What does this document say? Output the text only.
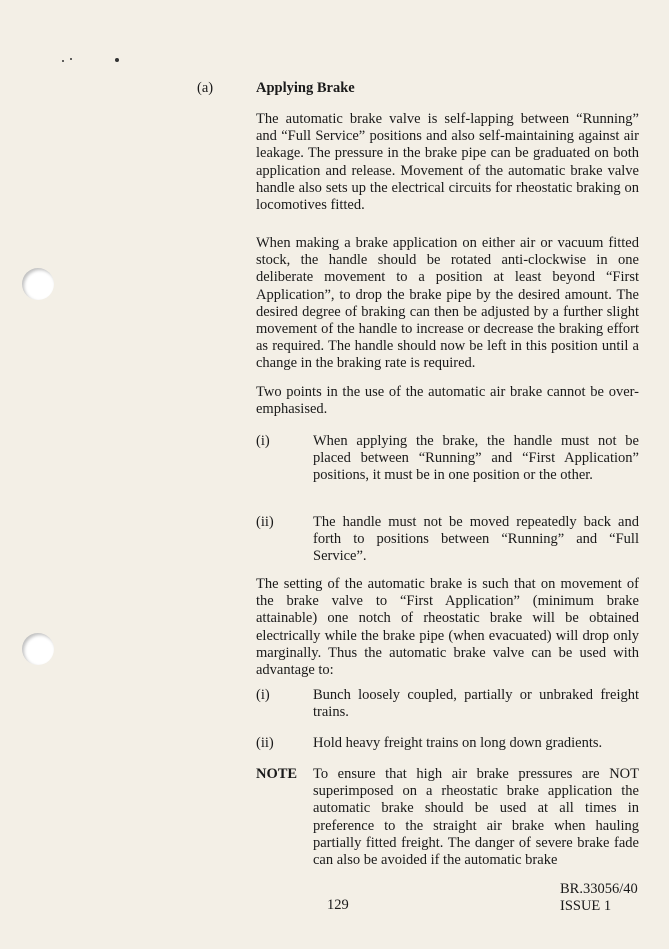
(a)	Applying Brake
The automatic brake valve is self-lapping between “Running” and “Full Service” positions and also self-maintaining against air leakage. The pressure in the brake pipe can be graduated on both application and release. Movement of the automatic brake valve handle also sets up the electrical circuits for rheostatic braking on locomotives fitted.
When making a brake application on either air or vacuum fitted stock, the handle should be rotated anti-clockwise in one deliberate movement to a position at least beyond “First Application”, to drop the brake pipe by the desired amount. The desired degree of braking can then be adjusted by a further slight movement of the handle to increase or decrease the braking effort as required. The handle should now be left in this position until a change in the braking rate is required.
Two points in the use of the automatic air brake cannot be over-emphasised.
(i)	When applying the brake, the handle must not be placed between “Running” and “First Application” positions, it must be in one position or the other.
(ii)	The handle must not be moved repeatedly back and forth to positions between “Running” and “Full Service”.
The setting of the automatic brake is such that on movement of the brake valve to “First Application” (minimum brake attainable) one notch of rheostatic brake will be obtained electrically while the brake pipe (when evacuated) will drop only marginally. Thus the automatic brake valve can be used with advantage to:
(i)	Bunch loosely coupled, partially or unbraked freight trains.
(ii)	Hold heavy freight trains on long down gradients.
NOTE To ensure that high air brake pressures are NOT superimposed on a rheostatic brake application the automatic brake should be used at all times in preference to the straight air brake when hauling partially fitted freight. The danger of severe brake fade can also be avoided if the automatic brake
129
BR.33056/40
ISSUE 1
